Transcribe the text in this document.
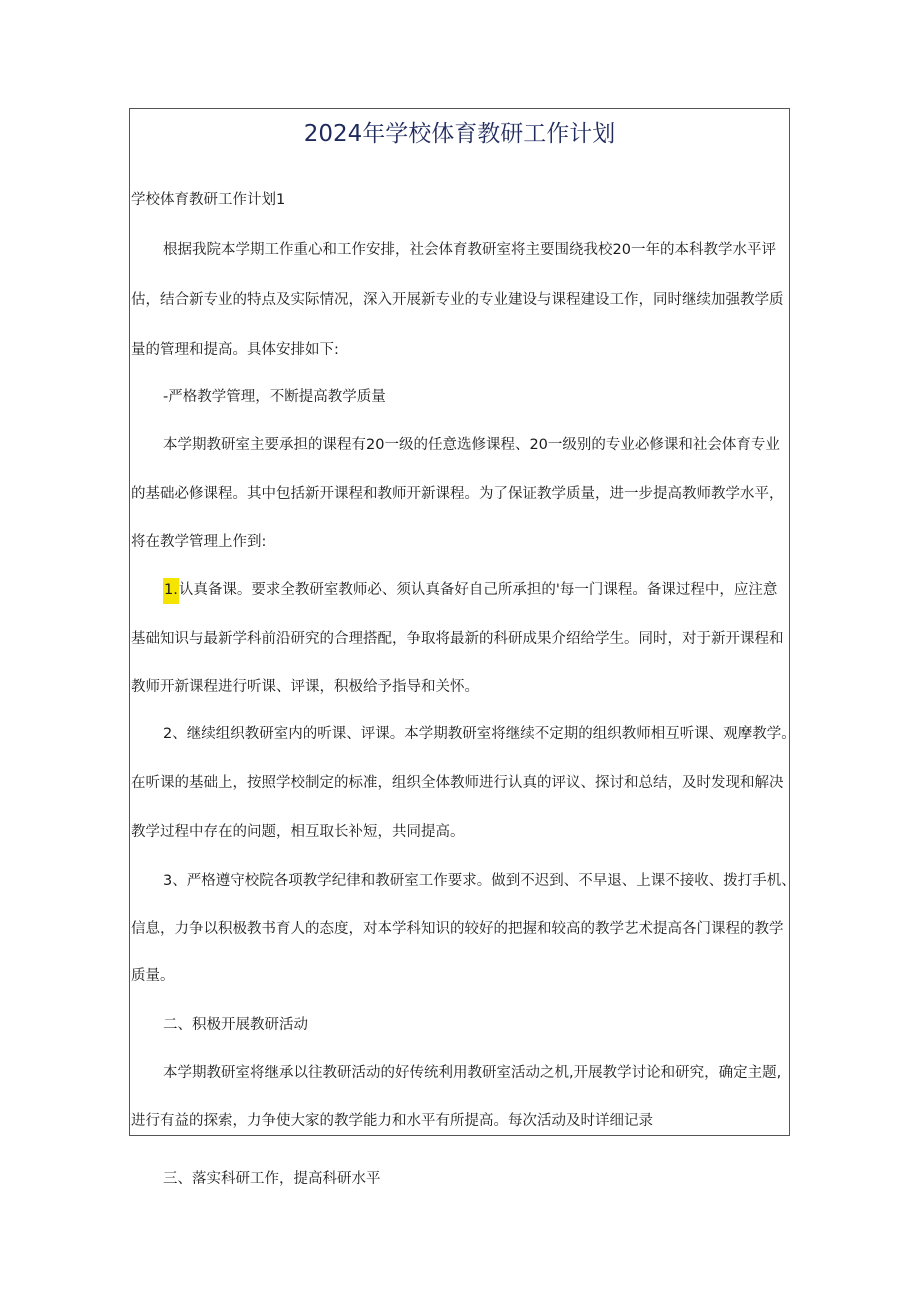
2024年学校体育教研工作计划
学校体育教研工作计划1
根据我院本学期工作重心和工作安排，社会体育教研室将主要围绕我校20一年的本科教学水平评
估，结合新专业的特点及实际情况，深入开展新专业的专业建设与课程建设工作，同时继续加强教学质
量的管理和提高。具体安排如下:
-严格教学管理，不断提高教学质量
本学期教研室主要承担的课程有20一级的任意选修课程、20一级别的专业必修课和社会体育专业
的基础必修课程。其中包括新开课程和教师开新课程。为了保证教学质量，进一步提高教师教学水平，
将在教学管理上作到:
1.认真备课。要求全教研室教师必、须认真备好自己所承担的'每一门课程。备课过程中，应注意
基础知识与最新学科前沿研究的合理搭配，争取将最新的科研成果介绍给学生。同时，对于新开课程和
教师开新课程进行听课、评课，积极给予指导和关怀。
2、继续组织教研室内的听课、评课。本学期教研室将继续不定期的组织教师相互听课、观摩教学。
在听课的基础上，按照学校制定的标准，组织全体教师进行认真的评议、探讨和总结，及时发现和解决
教学过程中存在的问题，相互取长补短，共同提高。
3、严格遵守校院各项教学纪律和教研室工作要求。做到不迟到、不早退、上课不接收、拨打手机、
信息，力争以积极教书育人的态度，对本学科知识的较好的把握和较高的教学艺术提高各门课程的教学
质量。
二、积极开展教研活动
本学期教研室将继承以往教研活动的好传统利用教研室活动之机,开展教学讨论和研究，确定主题,
进行有益的探索，力争使大家的教学能力和水平有所提高。每次活动及时详细记录
三、落实科研工作，提高科研水平
